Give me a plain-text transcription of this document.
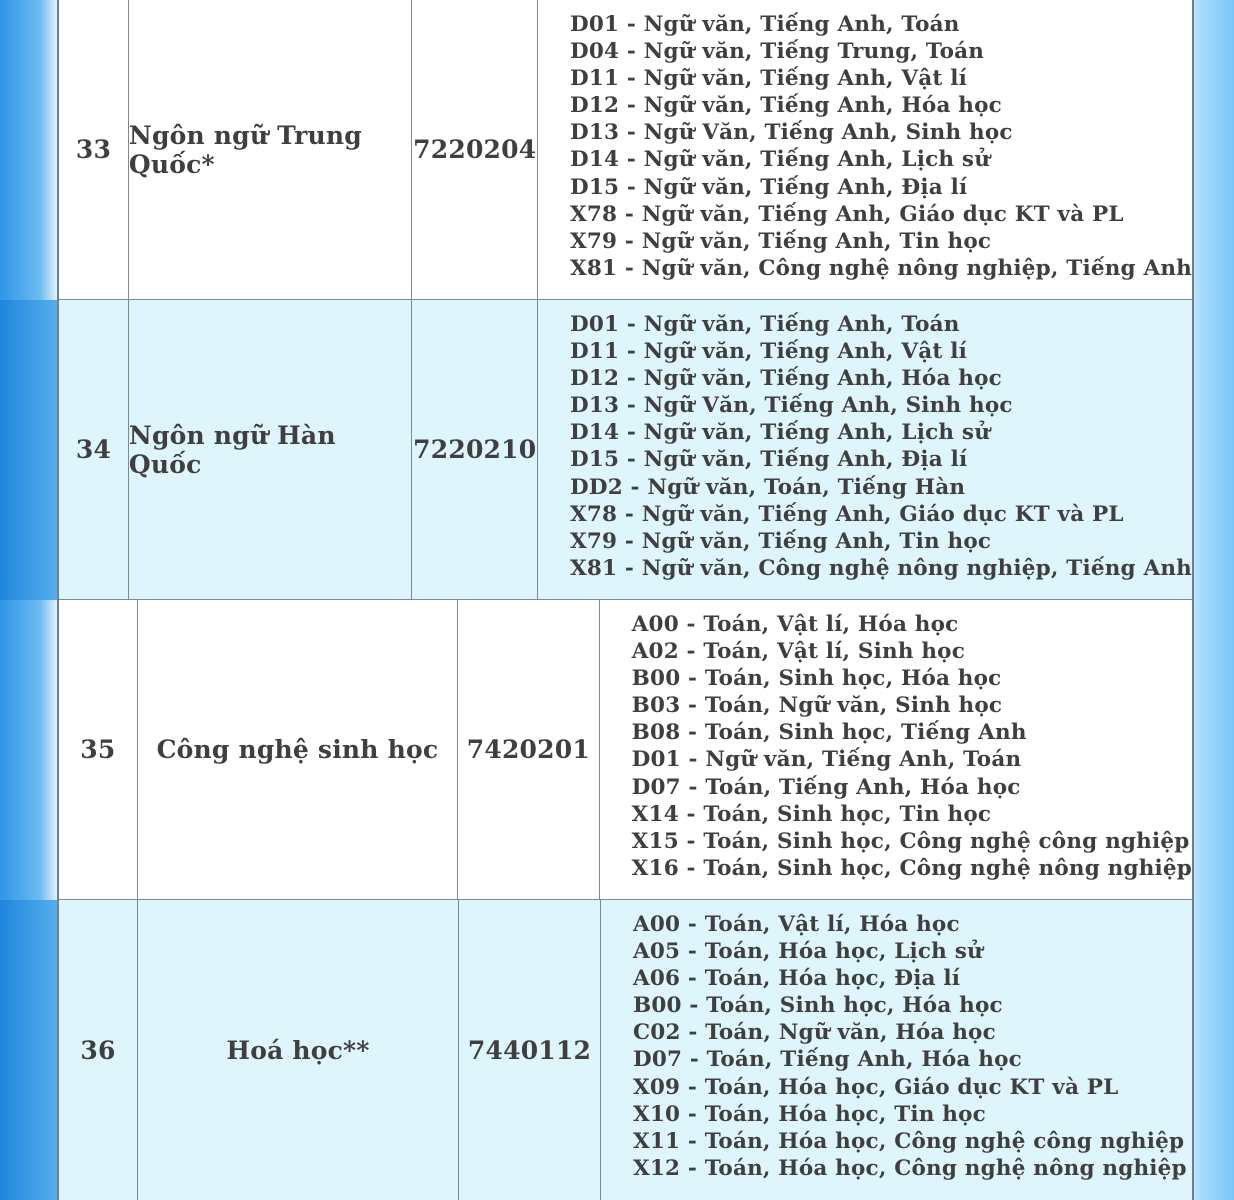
33 Ngôn ngữ Trung Quốc*	7220204
D01 - Ngữ văn, Tiếng Anh, Toán
D04 - Ngữ văn, Tiếng Trung, Toán
D11 - Ngữ văn, Tiếng Anh, Vật lí
D12 - Ngữ văn, Tiếng Anh, Hóa học
D13 - Ngữ Văn, Tiếng Anh, Sinh học
D14 - Ngữ văn, Tiếng Anh, Lịch sử
D15 - Ngữ văn, Tiếng Anh, Địa lí
X78 - Ngữ văn, Tiếng Anh, Giáo dục KT và PL
X79 - Ngữ văn, Tiếng Anh, Tin học
X81 - Ngữ văn, Công nghệ nông nghiệp, Tiếng Anh
34 Ngôn ngữ Hàn Quốc	7220210
D01 - Ngữ văn, Tiếng Anh, Toán
D11 - Ngữ văn, Tiếng Anh, Vật lí
D12 - Ngữ văn, Tiếng Anh, Hóa học
D13 - Ngữ Văn, Tiếng Anh, Sinh học
D14 - Ngữ văn, Tiếng Anh, Lịch sử
D15 - Ngữ văn, Tiếng Anh, Địa lí
DD2 - Ngữ văn, Toán, Tiếng Hàn
X78 - Ngữ văn, Tiếng Anh, Giáo dục KT và PL
X79 - Ngữ văn, Tiếng Anh, Tin học
X81 - Ngữ văn, Công nghệ nông nghiệp, Tiếng Anh
35	Công nghệ sinh học	7420201
A00 - Toán, Vật lí, Hóa học
A02 - Toán, Vật lí, Sinh học
B00 - Toán, Sinh học, Hóa học
B03 - Toán, Ngữ văn, Sinh học
B08 - Toán, Sinh học, Tiếng Anh
D01 - Ngữ văn, Tiếng Anh, Toán
D07 - Toán, Tiếng Anh, Hóa học
X14 - Toán, Sinh học, Tin học
X15 - Toán, Sinh học, Công nghệ công nghiệp
X16 - Toán, Sinh học, Công nghệ nông nghiệp
36	Hoá học**	7440112
A00 - Toán, Vật lí, Hóa học
A05 - Toán, Hóa học, Lịch sử
A06 - Toán, Hóa học, Địa lí
B00 - Toán, Sinh học, Hóa học
C02 - Toán, Ngữ văn, Hóa học
D07 - Toán, Tiếng Anh, Hóa học
X09 - Toán, Hóa học, Giáo dục KT và PL
X10 - Toán, Hóa học, Tin học
X11 - Toán, Hóa học, Công nghệ công nghiệp
X12 - Toán, Hóa học, Công nghệ nông nghiệp
